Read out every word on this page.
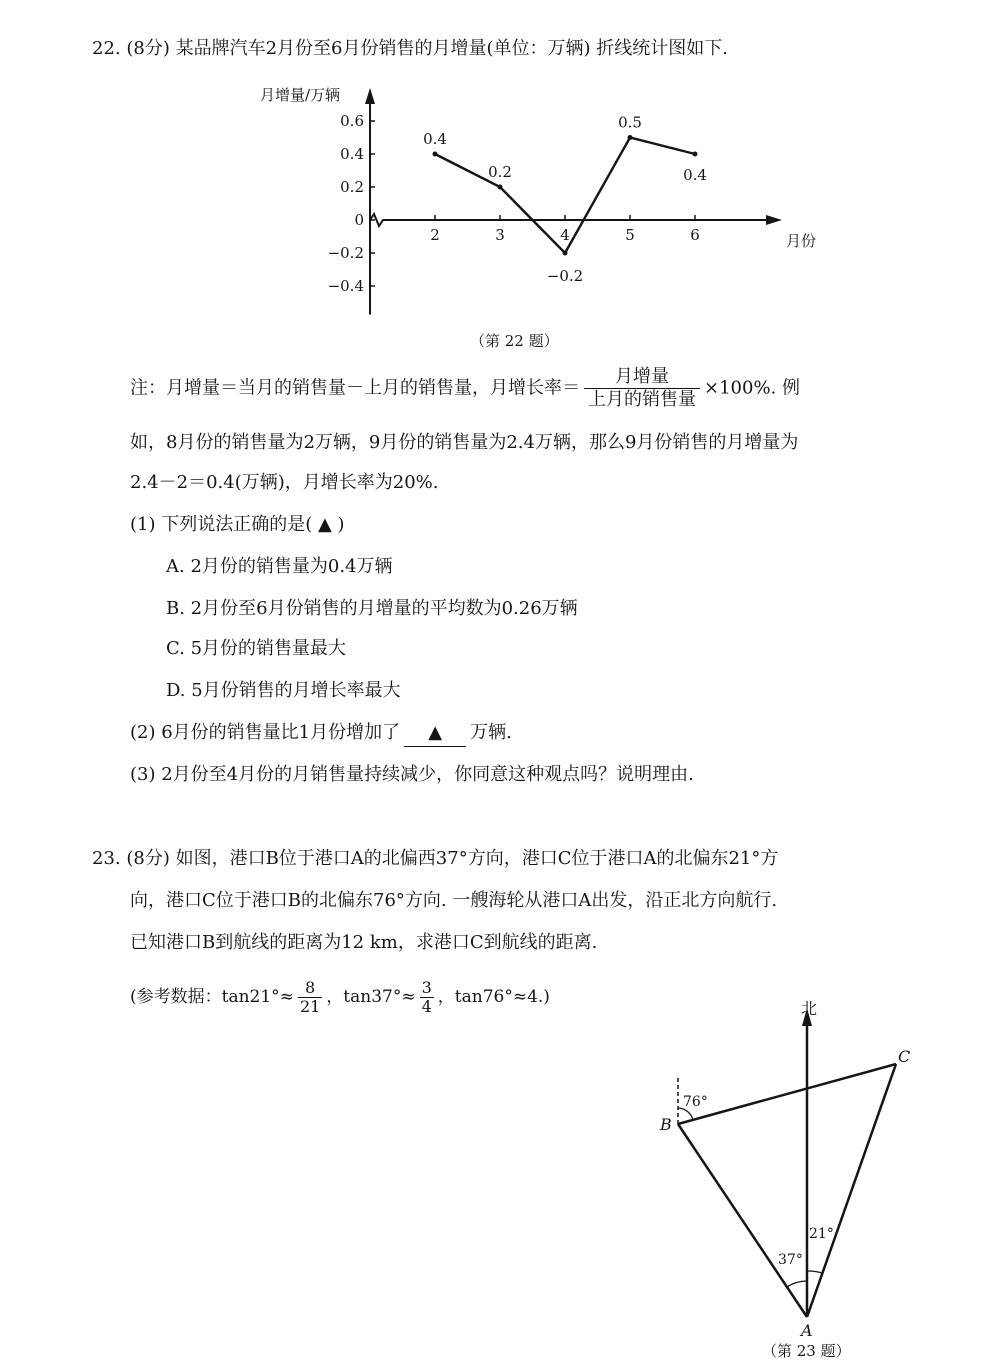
22. (8分) 某品牌汽车2月份至6月份销售的月增量(单位：万辆) 折线统计图如下.
月增量/万辆
月份
0.6
0.4
0.2
0
−0.2
−0.4
2	3	4	5	6
0.4
0.2
−0.2
0.5
0.4
（第 22 题）
注：月增量＝当月的销售量－上月的销售量，月增长率＝ $\frac{\text{月增量}}{\text{上月的销售量}} \times 100\%$. 例
如，8月份的销售量为2万辆，9月份的销售量为2.4万辆，那么9月份销售的月增量为
2.4－2＝0.4(万辆)，月增长率为20%.
(1) 下列说法正确的是( ▲ )
A. 2月份的销售量为0.4万辆
B. 2月份至6月份销售的月增量的平均数为0.26万辆
C. 5月份的销售量最大
D. 5月份销售的月增长率最大
(2) 6月份的销售量比1月份增加了 ▲ 万辆.
(3) 2月份至4月份的月销售量持续减少，你同意这种观点吗？说明理由.
23. (8分) 如图，港口B位于港口A的北偏西37°方向，港口C位于港口A的北偏东21°方
向，港口C位于港口B的北偏东76°方向. 一艘海轮从港口A出发，沿正北方向航行.
已知港口B到航线的距离为12 km，求港口C到航线的距离.
(参考数据：$\tan 21^\circ\approx \frac{8}{21}$ ，$\tan 37^\circ\approx \frac{3}{4}$ ，tan76°≈4.)
北
A
B
C
76°
37°
21°
（第 23 题）
